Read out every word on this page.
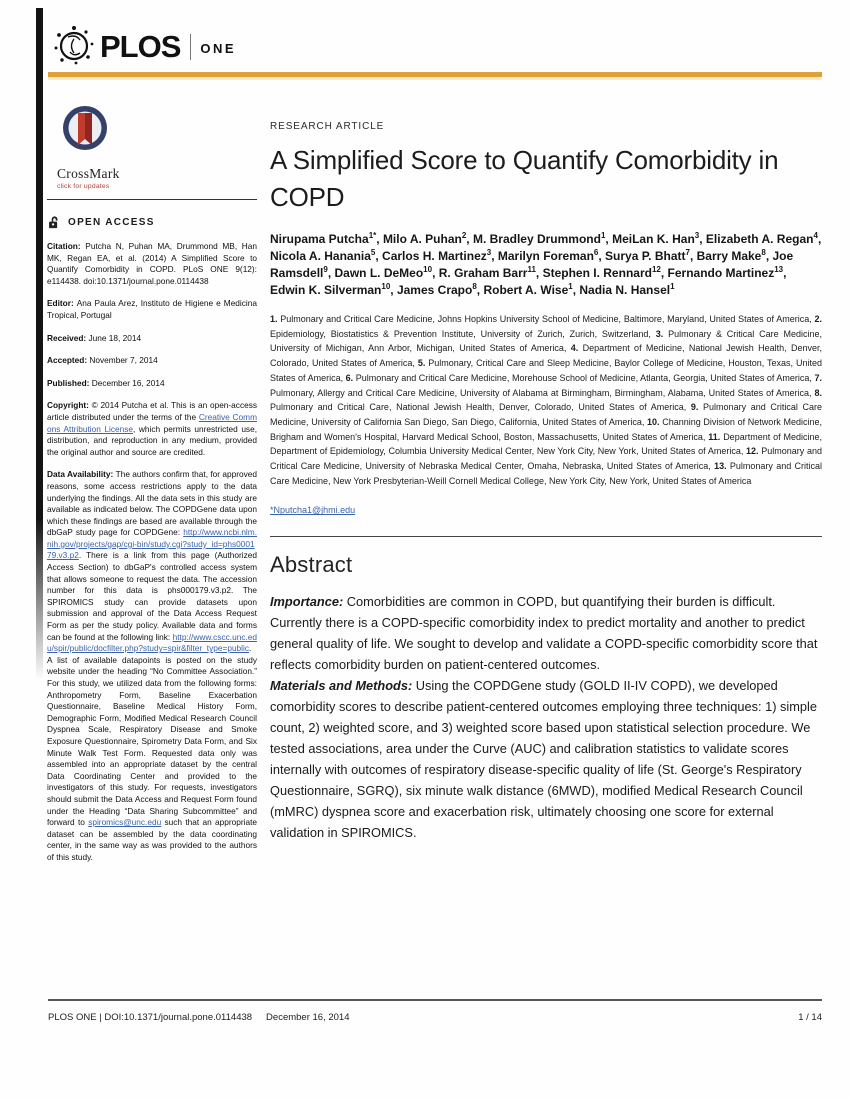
PLOS ONE
CrossMark
click for updates
OPEN ACCESS

Citation: Putcha N, Puhan MA, Drummond MB, Han MK, Regan EA, et al. (2014) A Simplified Score to Quantify Comorbidity in COPD. PLoS ONE 9(12): e114438. doi:10.1371/journal.pone.0114438

Editor: Ana Paula Arez, Instituto de Higiene e Medicina Tropical, Portugal

Received: June 18, 2014

Accepted: November 7, 2014

Published: December 16, 2014

Copyright: © 2014 Putcha et al. This is an open-access article distributed under the terms of the Creative Commons Attribution License, which permits unrestricted use, distribution, and reproduction in any medium, provided the original author and source are credited.

Data Availability: The authors confirm that, for approved reasons, some access restrictions apply to the data underlying the findings. All the data sets in this study are available as indicated below. The COPDGene data upon which these findings are based are available through the dbGaP study page for COPDGene: http://www.ncbi.nlm.nih.gov/projects/gap/cgi-bin/study.cgi?study_id=phs000179.v3.p2. There is a link from this page (Authorized Access Section) to dbGaP's controlled access system that allows someone to request the data. The accession number for this data is phs000179.v3.p2. The SPIROMICS study can provide datasets upon submission and approval of the Data Access Request Form as per the study policy. Available data and forms can be found at the following link: http://www.cscc.unc.edu/spir/public/docfilter.php?study=spir&filter_type=public. A list of available datapoints is posted on the study website under the heading “No Committee Association.” For this study, we utilized data from the following forms: Anthropometry Form, Baseline Exacerbation Questionnaire, Baseline Medical History Form, Demographic Form, Modified Medical Research Council Dyspnea Scale, Respiratory Disease and Smoke Exposure Questionnaire, Spirometry Data Form, and Six Minute Walk Test Form. Requested data only was assembled into an appropriate dataset by the central Data Coordinating Center and provided to the investigators of this study. For requests, investigators should submit the Data Access and Request Form found under the Heading “Data Sharing Subcommittee” and forward to spiromics@unc.edu such that an appropriate dataset can be assembled by the data coordinating center, in the same way as was provided to the authors of this study.

RESEARCH ARTICLE
A Simplified Score to Quantify Comorbidity in COPD

Nirupama Putcha$^{1*}$, Milo A. Puhan$^2$, M. Bradley Drummond$^1$, MeiLan K. Han$^3$, Elizabeth A. Regan$^4$, Nicola A. Hanania$^5$, Carlos H. Martinez$^3$, Marilyn Foreman$^6$, Surya P. Bhatt$^7$, Barry Make$^8$, Joe Ramsdell$^9$, Dawn L. DeMeo$^{10}$, R. Graham Barr$^{11}$, Stephen I. Rennard$^{12}$, Fernando Martinez$^{13}$, Edwin K. Silverman$^{10}$, James Crapo$^8$, Robert A. Wise$^1$, Nadia N. Hansel$^1$

1. Pulmonary and Critical Care Medicine, Johns Hopkins University School of Medicine, Baltimore, Maryland, United States of America, 2. Epidemiology, Biostatistics & Prevention Institute, University of Zurich, Zurich, Switzerland, 3. Pulmonary & Critical Care Medicine, University of Michigan, Ann Arbor, Michigan, United States of America, 4. Department of Medicine, National Jewish Health, Denver, Colorado, United States of America, 5. Pulmonary, Critical Care and Sleep Medicine, Baylor College of Medicine, Houston, Texas, United States of America, 6. Pulmonary and Critical Care Medicine, Morehouse School of Medicine, Atlanta, Georgia, United States of America, 7. Pulmonary, Allergy and Critical Care Medicine, University of Alabama at Birmingham, Birmingham, Alabama, United States of America, 8. Pulmonary and Critical Care, National Jewish Health, Denver, Colorado, United States of America, 9. Pulmonary and Critical Care Medicine, University of California San Diego, San Diego, California, United States of America, 10. Channing Division of Network Medicine, Brigham and Women's Hospital, Harvard Medical School, Boston, Massachusetts, United States of America, 11. Department of Medicine, Department of Epidemiology, Columbia University Medical Center, New York City, New York, United States of America, 12. Pulmonary and Critical Care Medicine, University of Nebraska Medical Center, Omaha, Nebraska, United States of America, 13. Pulmonary and Critical Care Medicine, New York Presbyterian-Weill Cornell Medical College, New York City, New York, United States of America

*Nputcha1@jhmi.edu

Abstract

Importance: Comorbidities are common in COPD, but quantifying their burden is difficult. Currently there is a COPD-specific comorbidity index to predict mortality and another to predict general quality of life. We sought to develop and validate a COPD-specific comorbidity score that reflects comorbidity burden on patient-centered outcomes.

Materials and Methods: Using the COPDGene study (GOLD II-IV COPD), we developed comorbidity scores to describe patient-centered outcomes employing three techniques: 1) simple count, 2) weighted score, and 3) weighted score based upon statistical selection procedure. We tested associations, area under the Curve (AUC) and calibration statistics to validate scores internally with outcomes of respiratory disease-specific quality of life (St. George's Respiratory Questionnaire, SGRQ), six minute walk distance (6MWD), modified Medical Research Council (mMRC) dyspnea score and exacerbation risk, ultimately choosing one score for external validation in SPIROMICS.

PLOS ONE | DOI:10.1371/journal.pone.0114438 December 16, 2014	1 / 14
